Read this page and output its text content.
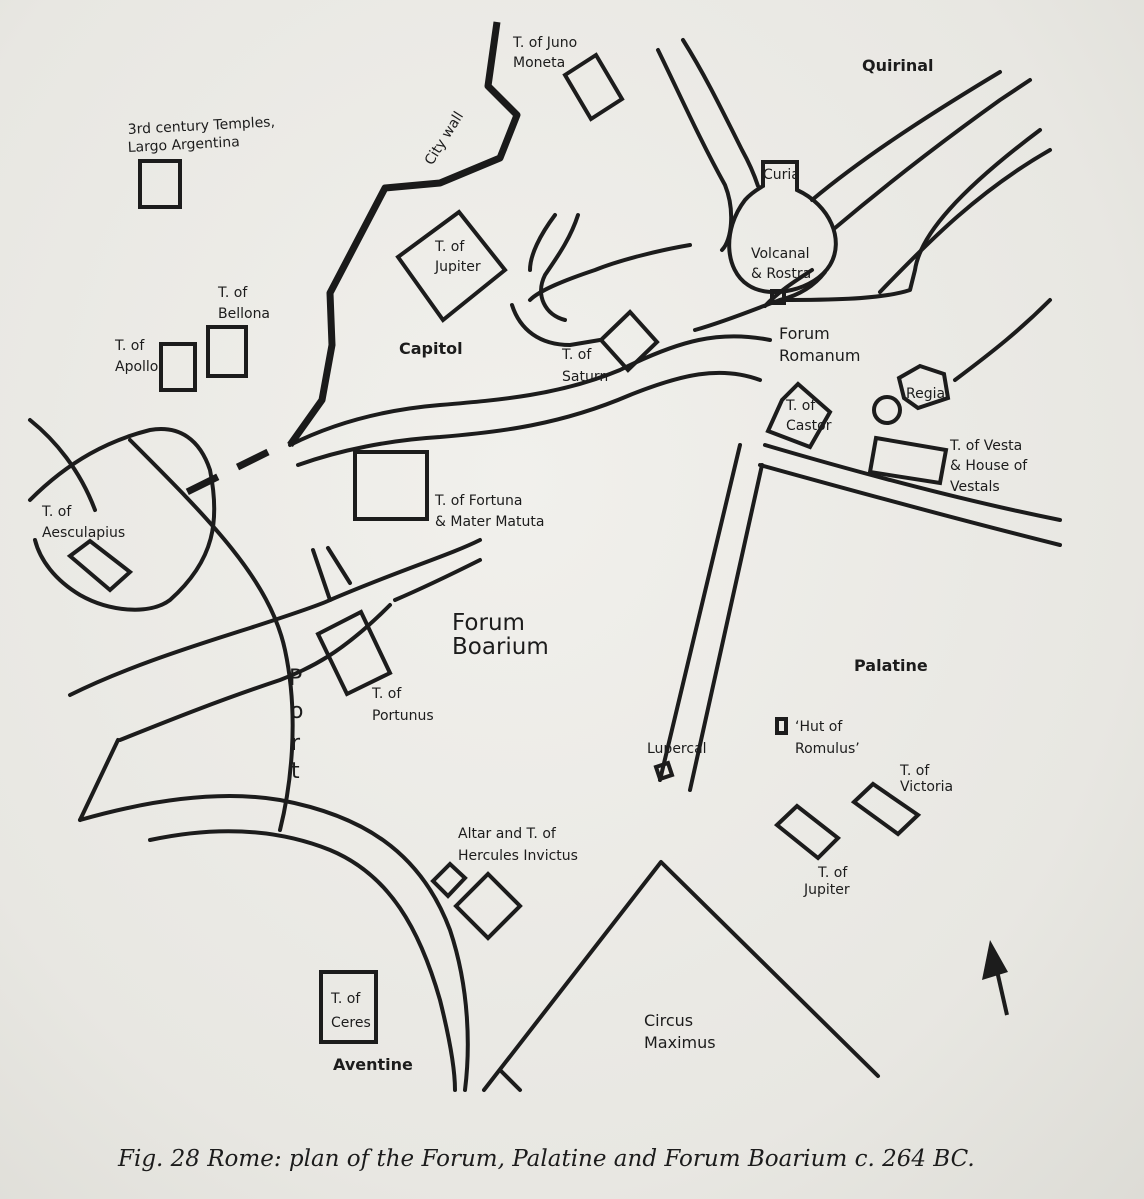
T. of Juno
Moneta	Quirinal
3rd century Temples,
Largo Argentina	City wall
Curia
Volcanal
& Rostra
T. of
Jupiter
T. of
Bellona
T. of
Apollo
Capitol	T. of
Saturn
Forum
Romanum
Regia
T. of
Castor
T. of Vesta
& House of
Vestals
T. of
Aesculapius
T. of Fortuna
& Mater Matuta
Forum
Boarium
Palatine
P
o
r
t
T. of
Portunus
‘Hut of
Romulus’
Lupercal
T. of
Victoria
Altar and T. of
Hercules Invictus
T. of
Jupiter
T. of
Ceres
Aventine
Circus
Maximus
Fig. 28 Rome: plan of the Forum, Palatine and Forum Boarium c. 264 BC.
